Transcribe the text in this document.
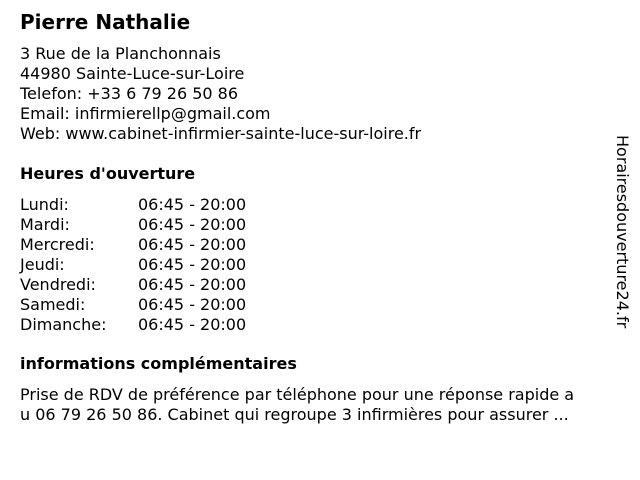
Pierre Nathalie
3 Rue de la Planchonnais
44980 Sainte-Luce-sur-Loire
Telefon: +33 6 79 26 50 86
Email: infirmierellp@gmail.com
Web: www.cabinet-infirmier-sainte-luce-sur-loire.fr
Heures d'ouverture
Lundi:	06:45 - 20:00
Mardi:	06:45 - 20:00
Mercredi:	06:45 - 20:00
Jeudi:	06:45 - 20:00
Vendredi:	06:45 - 20:00
Samedi:	06:45 - 20:00
Dimanche:	06:45 - 20:00
informations complémentaires
Prise de RDV de préférence par téléphone pour une réponse rapide a
u 06 79 26 50 86. Cabinet qui regroupe 3 infirmières pour assurer ...
Horairesdouverture24.fr
